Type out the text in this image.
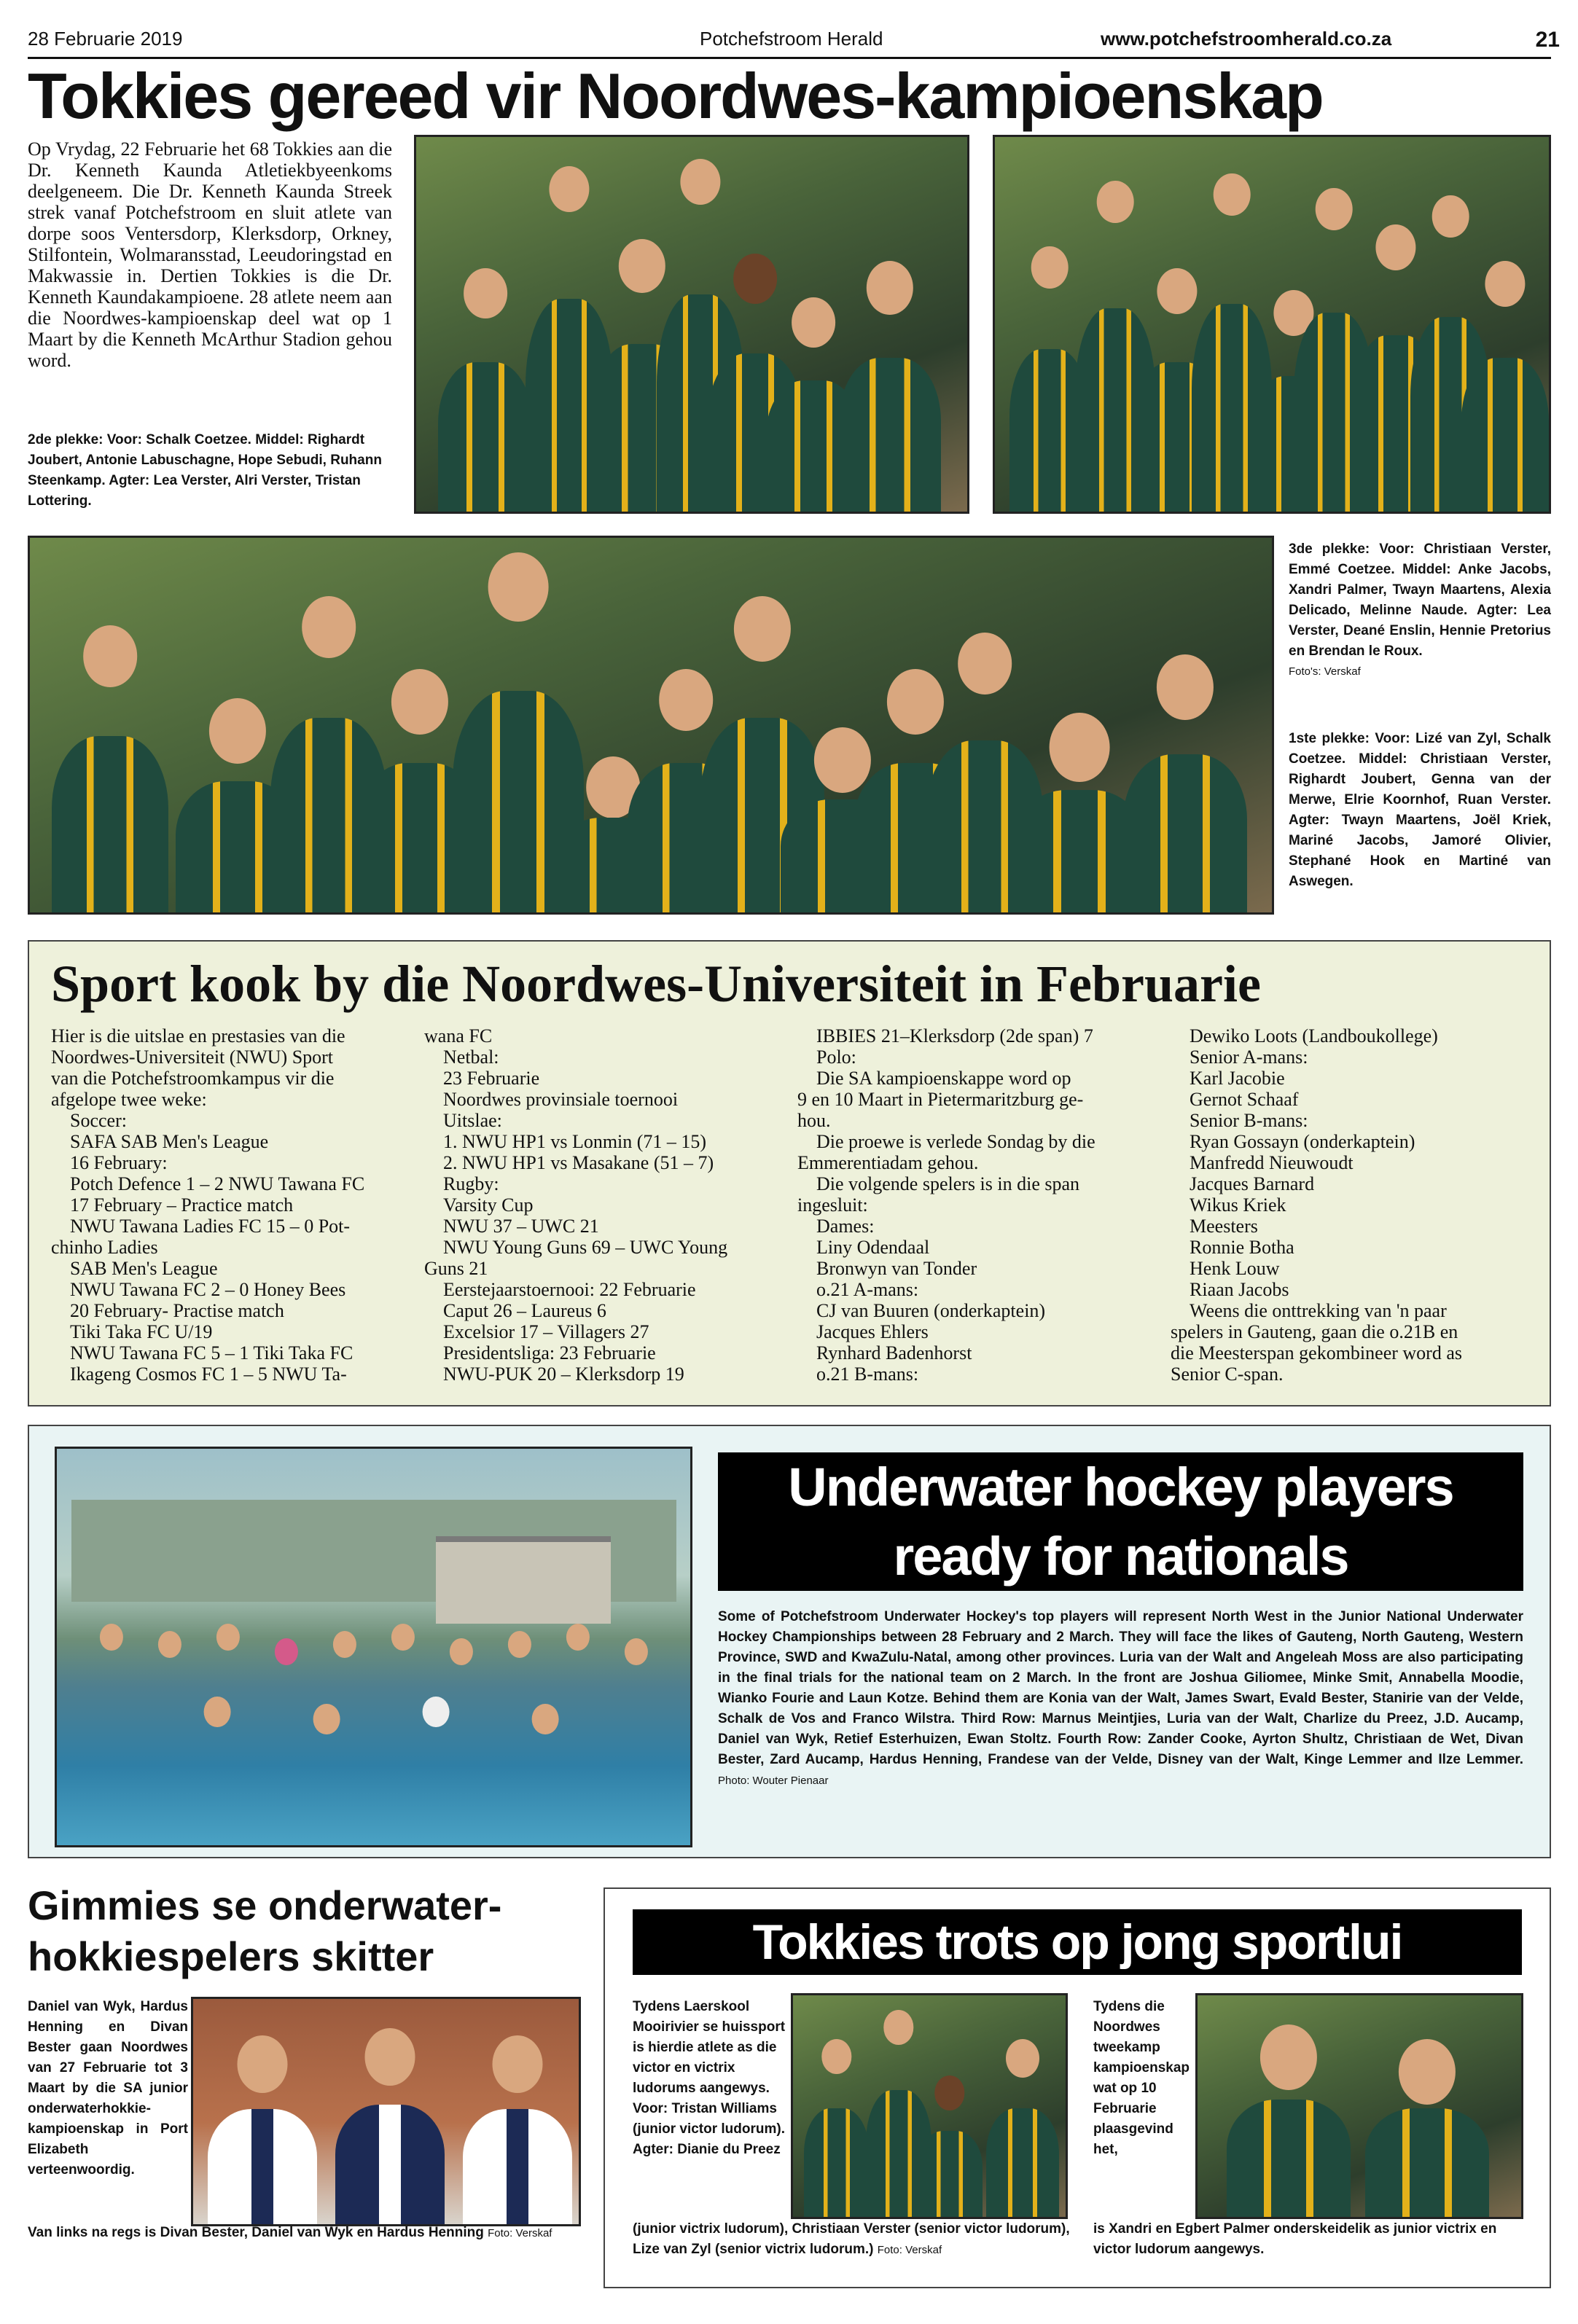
28 Februarie 2019	Potchefstroom Herald	www.potchefstroomherald.co.za	21
Tokkies gereed vir Noordwes-kampioenskap
Op Vrydag, 22 Februarie het 68 Tokkies aan die Dr. Kenneth Kaunda Atletiekbyeenkoms deelgeneem. Die Dr. Kenneth Kaunda Streek strek vanaf Potchefstroom en sluit atlete van dorpe soos Ventersdorp, Klerksdorp, Orkney, Stilfontein, Wolmaransstad, Leeudoringstad en Makwassie in. Dertien Tokkies is die Dr. Kenneth Kaundakampioene. 28 atlete neem aan die Noordwes-kampioenskap deel wat op 1 Maart by die Kenneth McArthur Stadion gehou word.
2de plekke: Voor: Schalk Coetzee. Middel: Righardt Joubert, Antonie Labuschagne, Hope Sebudi, Ruhann Steenkamp. Agter: Lea Verster, Alri Verster, Tristan Lottering.
3de plekke: Voor: Christiaan Verster, Emmé Coetzee. Middel: Anke Jacobs, Xandri Palmer, Twayn Maartens, Alexia Delicado, Melinne Naude. Agter: Lea Verster, Deané Enslin, Hennie Pretorius en Brendan le Roux.
Foto's: Verskaf
1ste plekke: Voor: Lizé van Zyl, Schalk Coetzee. Middel: Christiaan Verster, Righardt Joubert, Genna van der Merwe, Elrie Koornhof, Ruan Verster. Agter: Twayn Maartens, Joël Kriek, Mariné Jacobs, Jamoré Olivier, Stephané Hook en Martiné van Aswegen.
Sport kook by die Noordwes-Universiteit in Februarie
Hier is die uitslae en prestasies van die
Noordwes-Universiteit (NWU) Sport
van die Potchefstroomkampus vir die
afgelope twee weke:
Soccer:
SAFA SAB Men's League
16 February:
Potch Defence 1 – 2 NWU Tawana FC
17 February – Practice match
NWU Tawana Ladies FC 15 – 0 Pot-
chinho Ladies
SAB Men's League
NWU Tawana FC 2 – 0 Honey Bees
20 February- Practise match
Tiki Taka FC U/19
NWU Tawana FC 5 – 1 Tiki Taka FC
Ikageng Cosmos FC 1 – 5 NWU Ta-
wana FC
Netbal:
23 Februarie
Noordwes provinsiale toernooi
Uitslae:
1. NWU HP1 vs Lonmin (71 – 15)
2. NWU HP1 vs Masakane (51 – 7)
Rugby:
Varsity Cup
NWU 37 – UWC 21
NWU Young Guns 69 – UWC Young
Guns 21
Eerstejaarstoernooi: 22 Februarie
Caput 26 – Laureus 6
Excelsior 17 – Villagers 27
Presidentsliga: 23 Februarie
NWU-PUK 20 – Klerksdorp 19
IBBIES 21–Klerksdorp (2de span) 7
Polo:
Die SA kampioenskappe word op
9 en 10 Maart in Pietermaritzburg ge-
hou.
Die proewe is verlede Sondag by die
Emmerentiadam gehou.
Die volgende spelers is in die span
ingesluit:
Dames:
Liny Odendaal
Bronwyn van Tonder
o.21 A-mans:
CJ van Buuren (onderkaptein)
Jacques Ehlers
Rynhard Badenhorst
o.21 B-mans:
Dewiko Loots (Landboukollege)
Senior A-mans:
Karl Jacobie
Gernot Schaaf
Senior B-mans:
Ryan Gossayn (onderkaptein)
Manfredd Nieuwoudt
Jacques Barnard
Wikus Kriek
Meesters
Ronnie Botha
Henk Louw
Riaan Jacobs
Weens die onttrekking van 'n paar
spelers in Gauteng, gaan die o.21B en
die Meesterspan gekombineer word as
Senior C-span.
Underwater hockey players
ready for nationals
Some of Potchefstroom Underwater Hockey's top players will represent North West in the Junior National Underwater Hockey Championships between 28 February and 2 March. They will face the likes of Gauteng, North Gauteng, Western Province, SWD and KwaZulu-Natal, among other provinces. Luria van der Walt and Angeleah Moss are also participating in the final trials for the national team on 2 March. In the front are Joshua Giliomee, Minke Smit, Annabella Moodie, Wianko Fourie and Laun Kotze. Behind them are Konia van der Walt, James Swart, Evald Bester, Stanirie van der Velde, Schalk de Vos and Franco Wilstra. Third Row: Marnus Meintjies, Luria van der Walt, Charlize du Preez, J.D. Aucamp, Daniel van Wyk, Retief Esterhuizen, Ewan Stoltz. Fourth Row: Zander Cooke, Ayrton Shultz, Christiaan de Wet, Divan Bester, Zard Aucamp, Hardus Henning, Frandese van der Velde, Disney van der Walt, Kinge Lemmer and Ilze Lemmer. Photo: Wouter Pienaar
Gimmies se onderwater-
hokkiespelers skitter
Daniel van Wyk, Hardus Henning en Divan Bester gaan Noordwes van 27 Februarie tot 3 Maart by die SA junior onderwaterhokkie-kampioenskap in Port Elizabeth verteenwoordig.
Van links na regs is Divan Bester, Daniel van Wyk en Hardus Henning Foto: Verskaf
Tokkies trots op jong sportlui
Tydens Laerskool Mooirivier se huissport is hierdie atlete as die victor en victrix ludorums aangewys. Voor: Tristan Williams (junior victor ludorum). Agter: Dianie du Preez
(junior victrix ludorum), Christiaan Verster (senior victor ludorum), Lize van Zyl (senior victrix ludorum.) Foto: Verskaf
Tydens die Noordwes tweekamp kampioenskap wat op 10 Februarie plaasgevind het,
is Xandri en Egbert Palmer onderskeidelik as junior victrix en victor ludorum aangewys.
